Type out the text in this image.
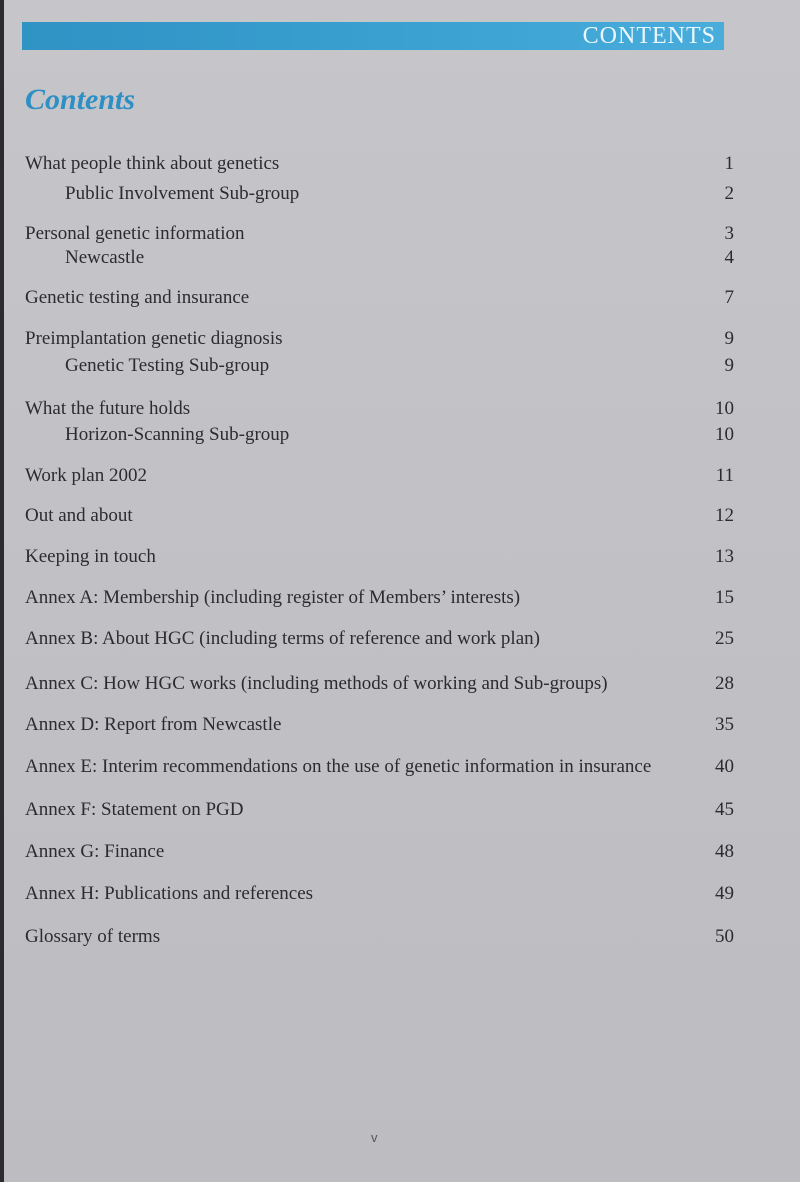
CONTENTS
Contents
What people think about genetics	1
Public Involvement Sub-group	2
Personal genetic information	3
Newcastle	4
Genetic testing and insurance	7
Preimplantation genetic diagnosis	9
Genetic Testing Sub-group	9
What the future holds	10
Horizon-Scanning Sub-group	10
Work plan 2002	11
Out and about	12
Keeping in touch	13
Annex A: Membership (including register of Members’ interests)	15
Annex B: About HGC (including terms of reference and work plan)	25
Annex C: How HGC works (including methods of working and Sub-groups)	28
Annex D: Report from Newcastle	35
Annex E: Interim recommendations on the use of genetic information in insurance	40
Annex F: Statement on PGD	45
Annex G: Finance	48
Annex H: Publications and references	49
Glossary of terms	50
v
